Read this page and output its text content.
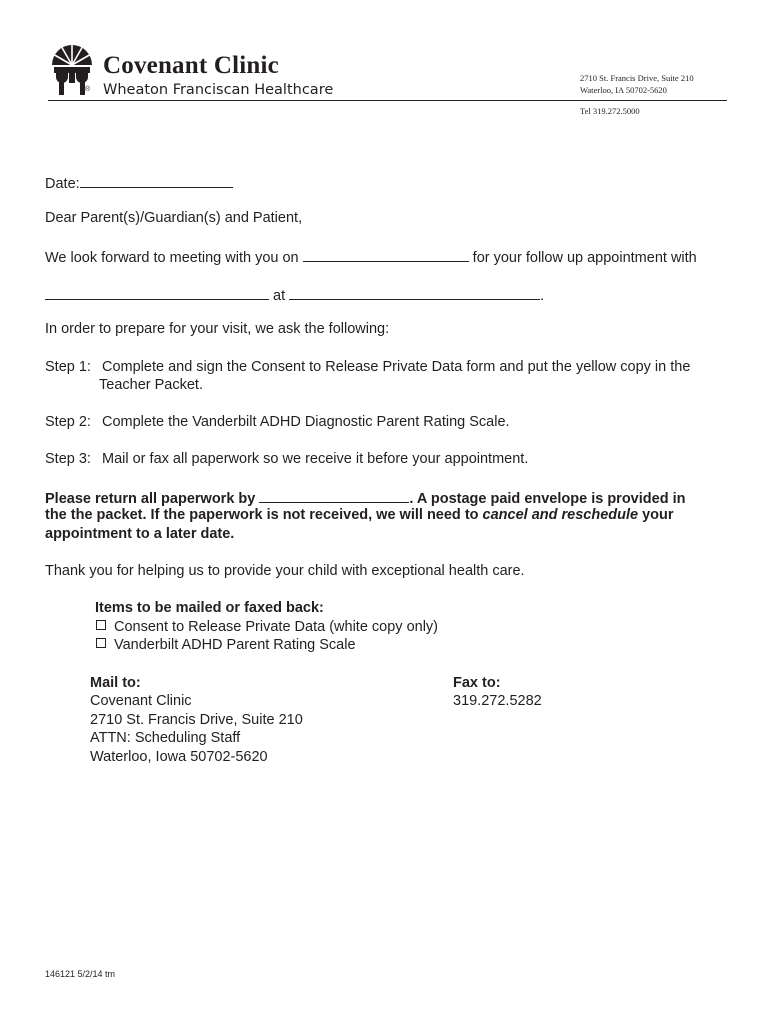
Covenant Clinic
Wheaton Franciscan Healthcare
®
2710 St. Francis Drive, Suite 210
Waterloo, IA 50702-5620
Tel 319.272.5000
Date:
Dear Parent(s)/Guardian(s) and Patient,
We look forward to meeting with you on	for your follow up appointment with
at	.
In order to prepare for your visit, we ask the following:
Step 1: Complete and sign the Consent to Release Private Data form and put the yellow copy in the
Teacher Packet.
Step 2: Complete the Vanderbilt ADHD Diagnostic Parent Rating Scale.
Step 3: Mail or fax all paperwork so we receive it before your appointment.
Please return all paperwork by	. A postage paid envelope is provided in
the the packet. If the paperwork is not received, we will need to cancel and reschedule your
appointment to a later date.
Thank you for helping us to provide your child with exceptional health care.
Items to be mailed or faxed back:
Consent to Release Private Data (white copy only)
Vanderbilt ADHD Parent Rating Scale
Mail to:
Covenant Clinic
2710 St. Francis Drive, Suite 210
ATTN: Scheduling Staff
Waterloo, Iowa 50702-5620
Fax to:
319.272.5282
146121 5/2/14 tm
